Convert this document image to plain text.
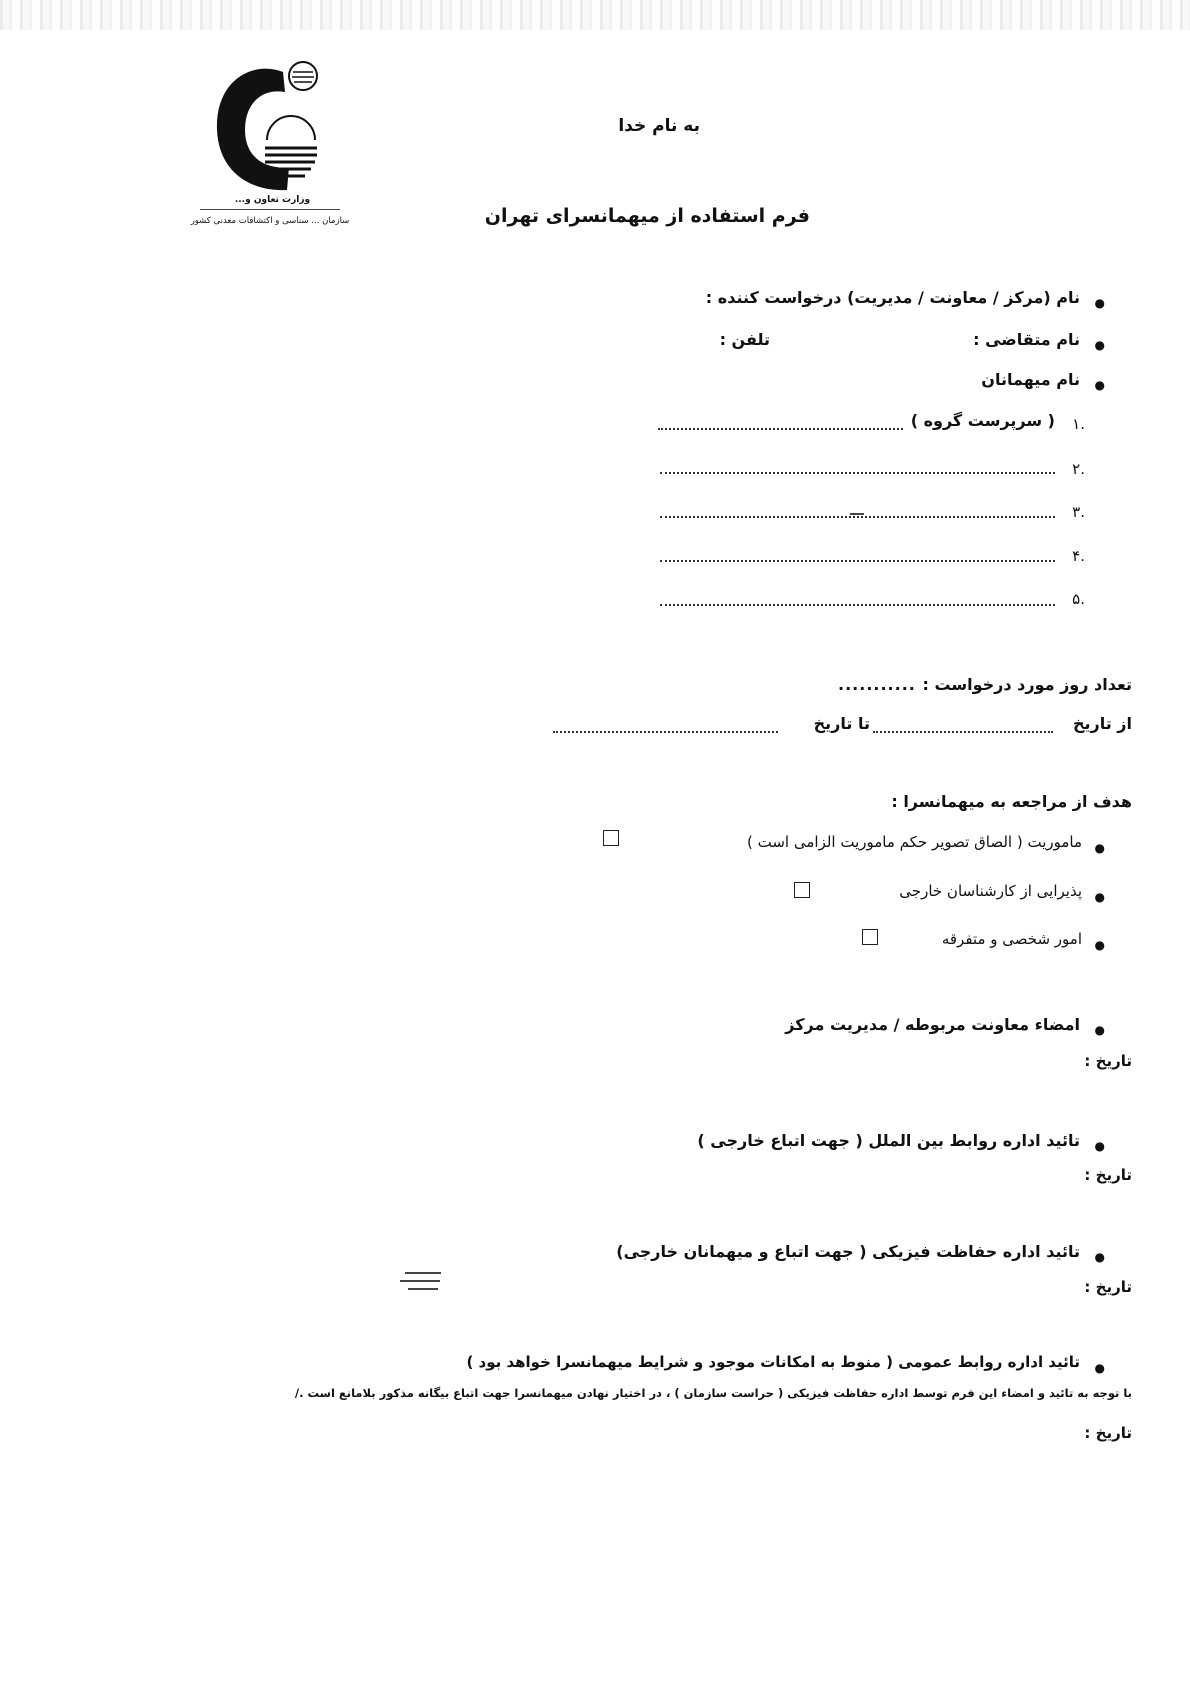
وزارت تعاون و...
سازمان ... سناسی و اکتشافات معدنی کشور
به نام خدا
فرم استفاده از میهمانسرای تهران
●
نام (مرکز / معاونت / مدیریت) درخواست کننده :
●
نام متقاضی :
تلفن :
●
نام میهمانان
۱.
( سرپرست گروه )
۲.
۳.
۴.
۵.
تعداد روز مورد درخواست :
...........
از تاریخ
تا تاریخ
هدف از مراجعه به میهمانسرا :
●
ماموریت ( الصاق تصویر حکم ماموریت الزامی است )
●
پذیرایی از کارشناسان خارجی
●
امور شخصی و متفرقه
●
امضاء معاونت مربوطه / مدیریت مرکز
تاریخ :
●
تائید اداره روابط بین الملل ( جهت اتباع خارجی )
تاریخ :
●
تائید اداره حفاظت فیزیکی ( جهت اتباع و میهمانان خارجی)
تاریخ :
●
تائید اداره روابط عمومی ( منوط به امکانات موجود و شرایط میهمانسرا خواهد بود )
با توجه به تائید و امضاء این فرم توسط اداره حفاظت فیزیکی ( حراست سازمان ) ، در اختیار نهادن میهمانسرا جهت اتباع بیگانه مذکور بلامانع است ./
تاریخ :
